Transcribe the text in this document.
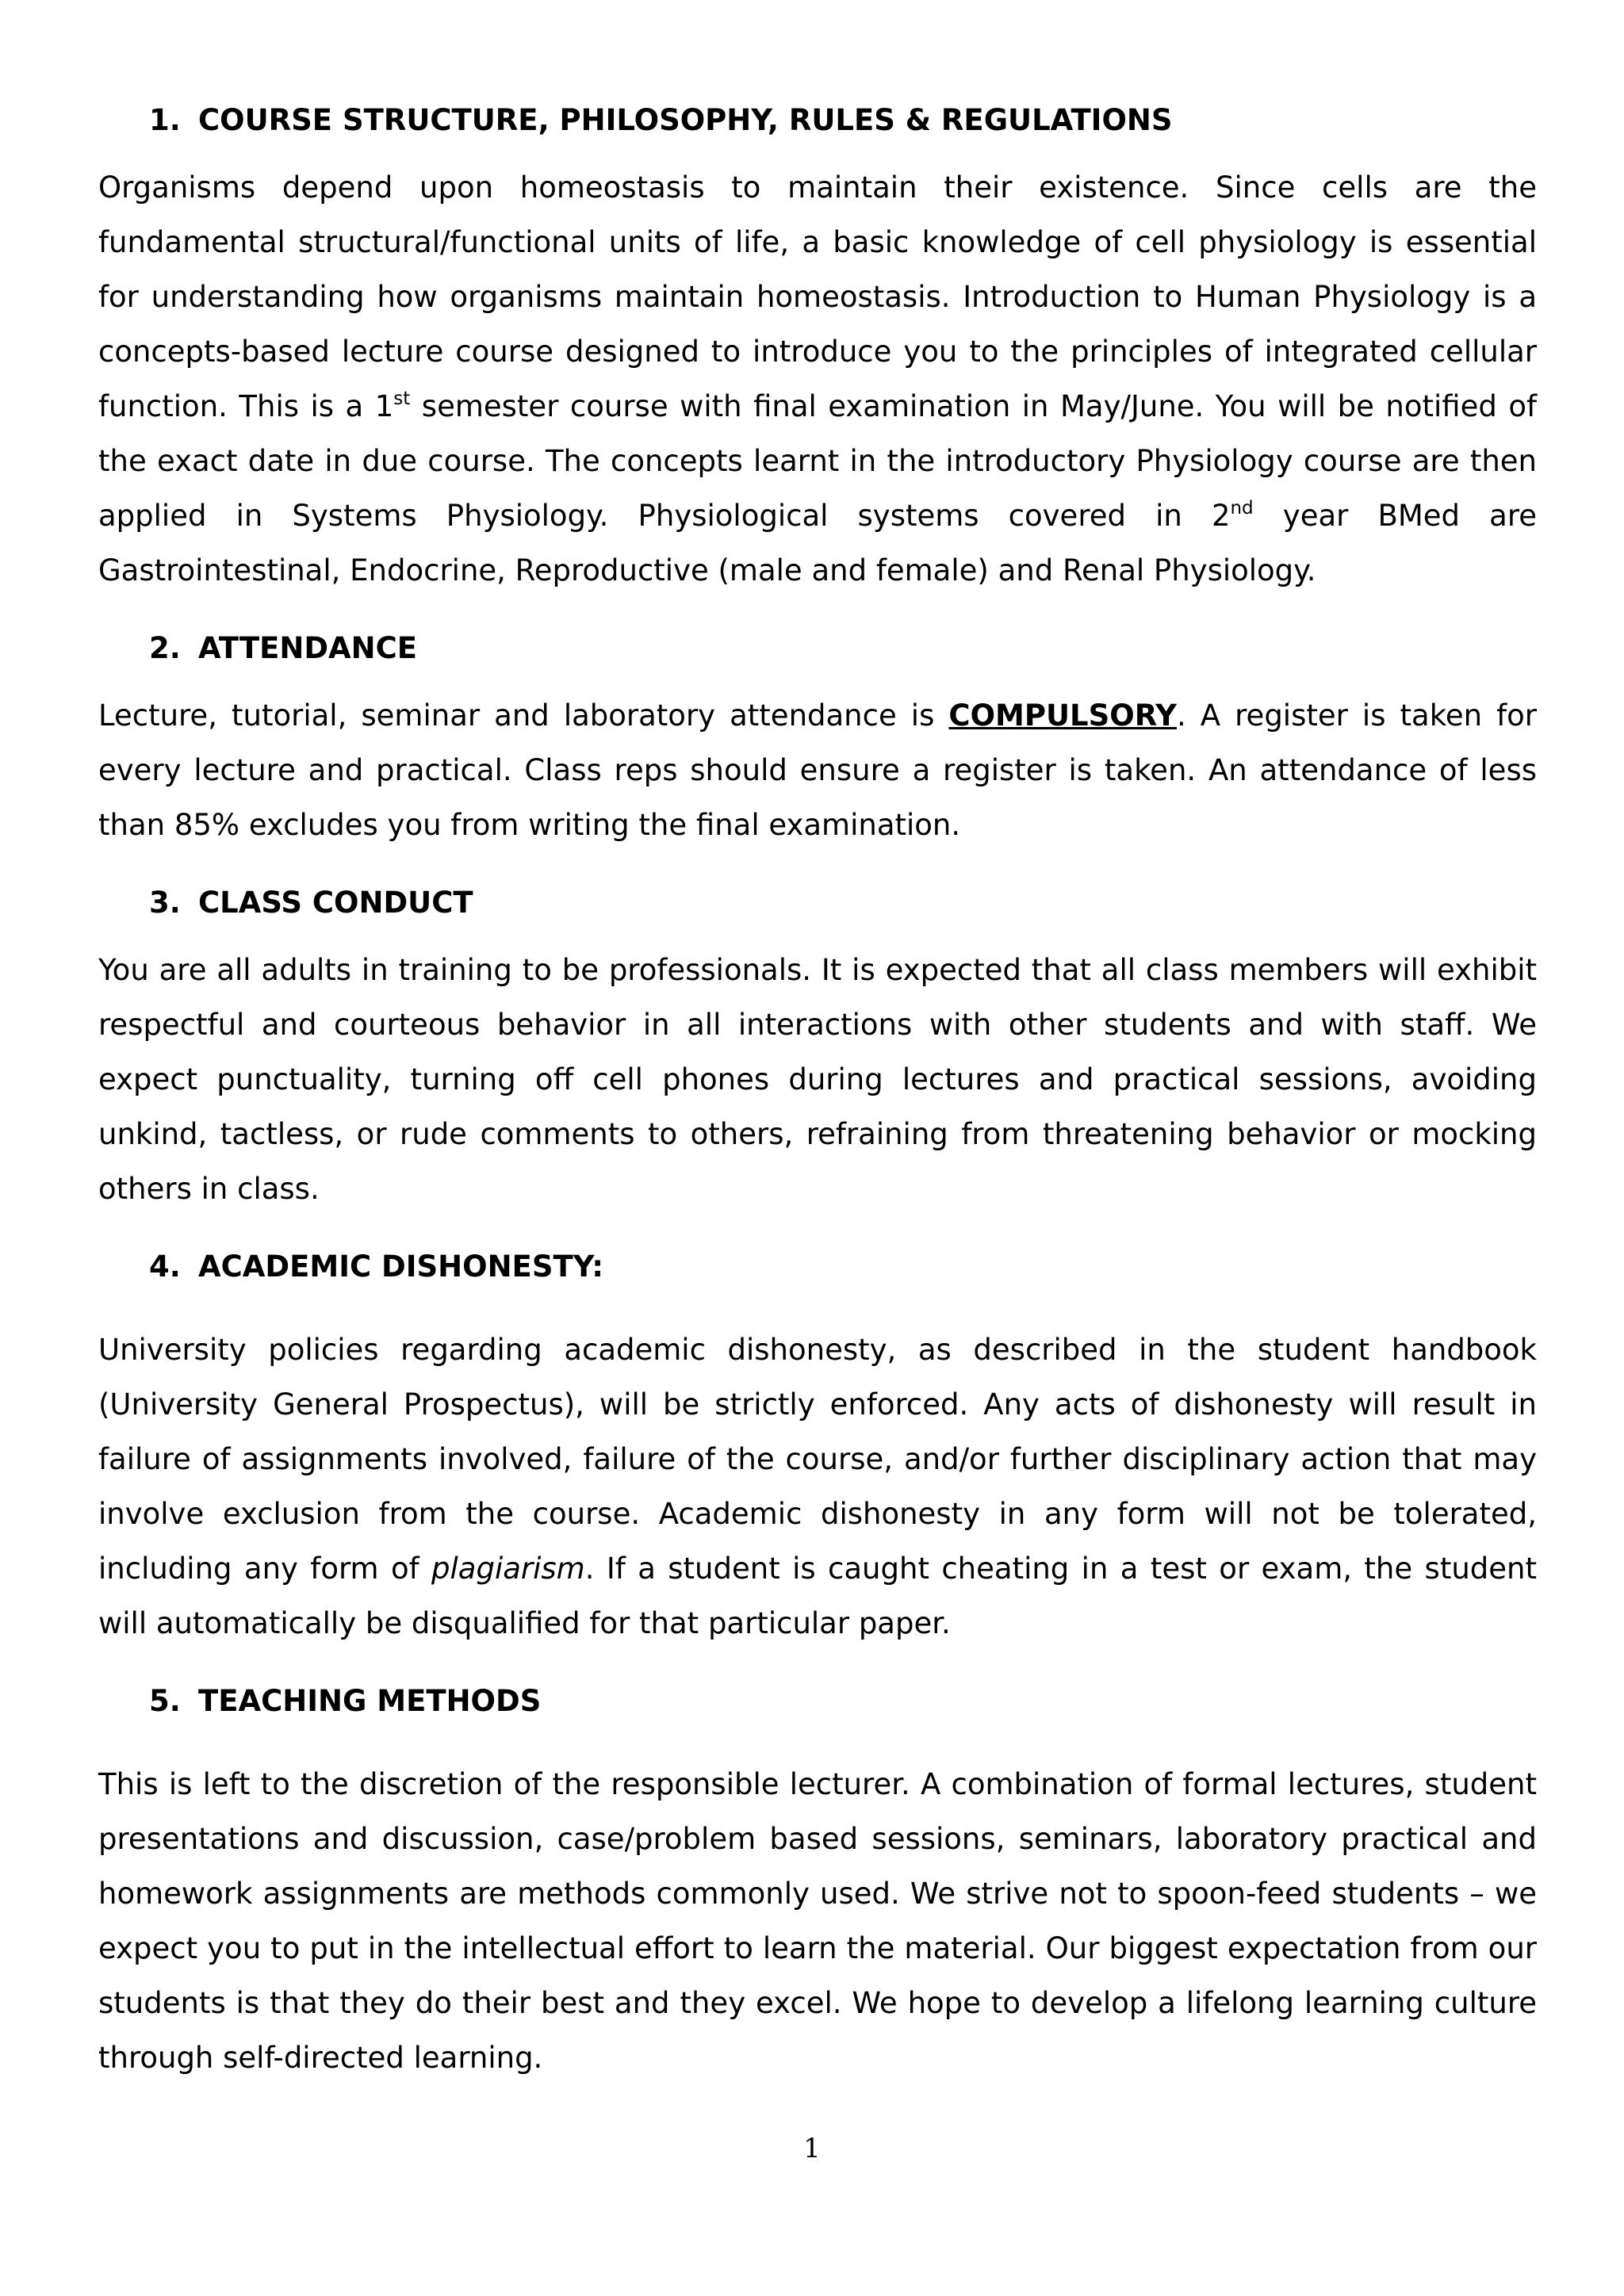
1. COURSE STRUCTURE, PHILOSOPHY, RULES & REGULATIONS

Organisms depend upon homeostasis to maintain their existence. Since cells are the fundamental structural/functional units of life, a basic knowledge of cell physiology is essential for understanding how organisms maintain homeostasis. Introduction to Human Physiology is a concepts-based lecture course designed to introduce you to the principles of integrated cellular function. This is a 1st semester course with final examination in May/June. You will be notified of the exact date in due course. The concepts learnt in the introductory Physiology course are then applied in Systems Physiology. Physiological systems covered in 2nd year BMed are Gastrointestinal, Endocrine, Reproductive (male and female) and Renal Physiology.

2. ATTENDANCE

Lecture, tutorial, seminar and laboratory attendance is COMPULSORY. A register is taken for every lecture and practical. Class reps should ensure a register is taken. An attendance of less than 85% excludes you from writing the final examination.

3. CLASS CONDUCT

You are all adults in training to be professionals. It is expected that all class members will exhibit respectful and courteous behavior in all interactions with other students and with staff. We expect punctuality, turning off cell phones during lectures and practical sessions, avoiding unkind, tactless, or rude comments to others, refraining from threatening behavior or mocking others in class.

4. ACADEMIC DISHONESTY:

University policies regarding academic dishonesty, as described in the student handbook (University General Prospectus), will be strictly enforced. Any acts of dishonesty will result in failure of assignments involved, failure of the course, and/or further disciplinary action that may involve exclusion from the course. Academic dishonesty in any form will not be tolerated, including any form of plagiarism. If a student is caught cheating in a test or exam, the student will automatically be disqualified for that particular paper.

5. TEACHING METHODS

This is left to the discretion of the responsible lecturer. A combination of formal lectures, student presentations and discussion, case/problem based sessions, seminars, laboratory practical and homework assignments are methods commonly used. We strive not to spoon-feed students – we expect you to put in the intellectual effort to learn the material. Our biggest expectation from our students is that they do their best and they excel. We hope to develop a lifelong learning culture through self-directed learning.

1
